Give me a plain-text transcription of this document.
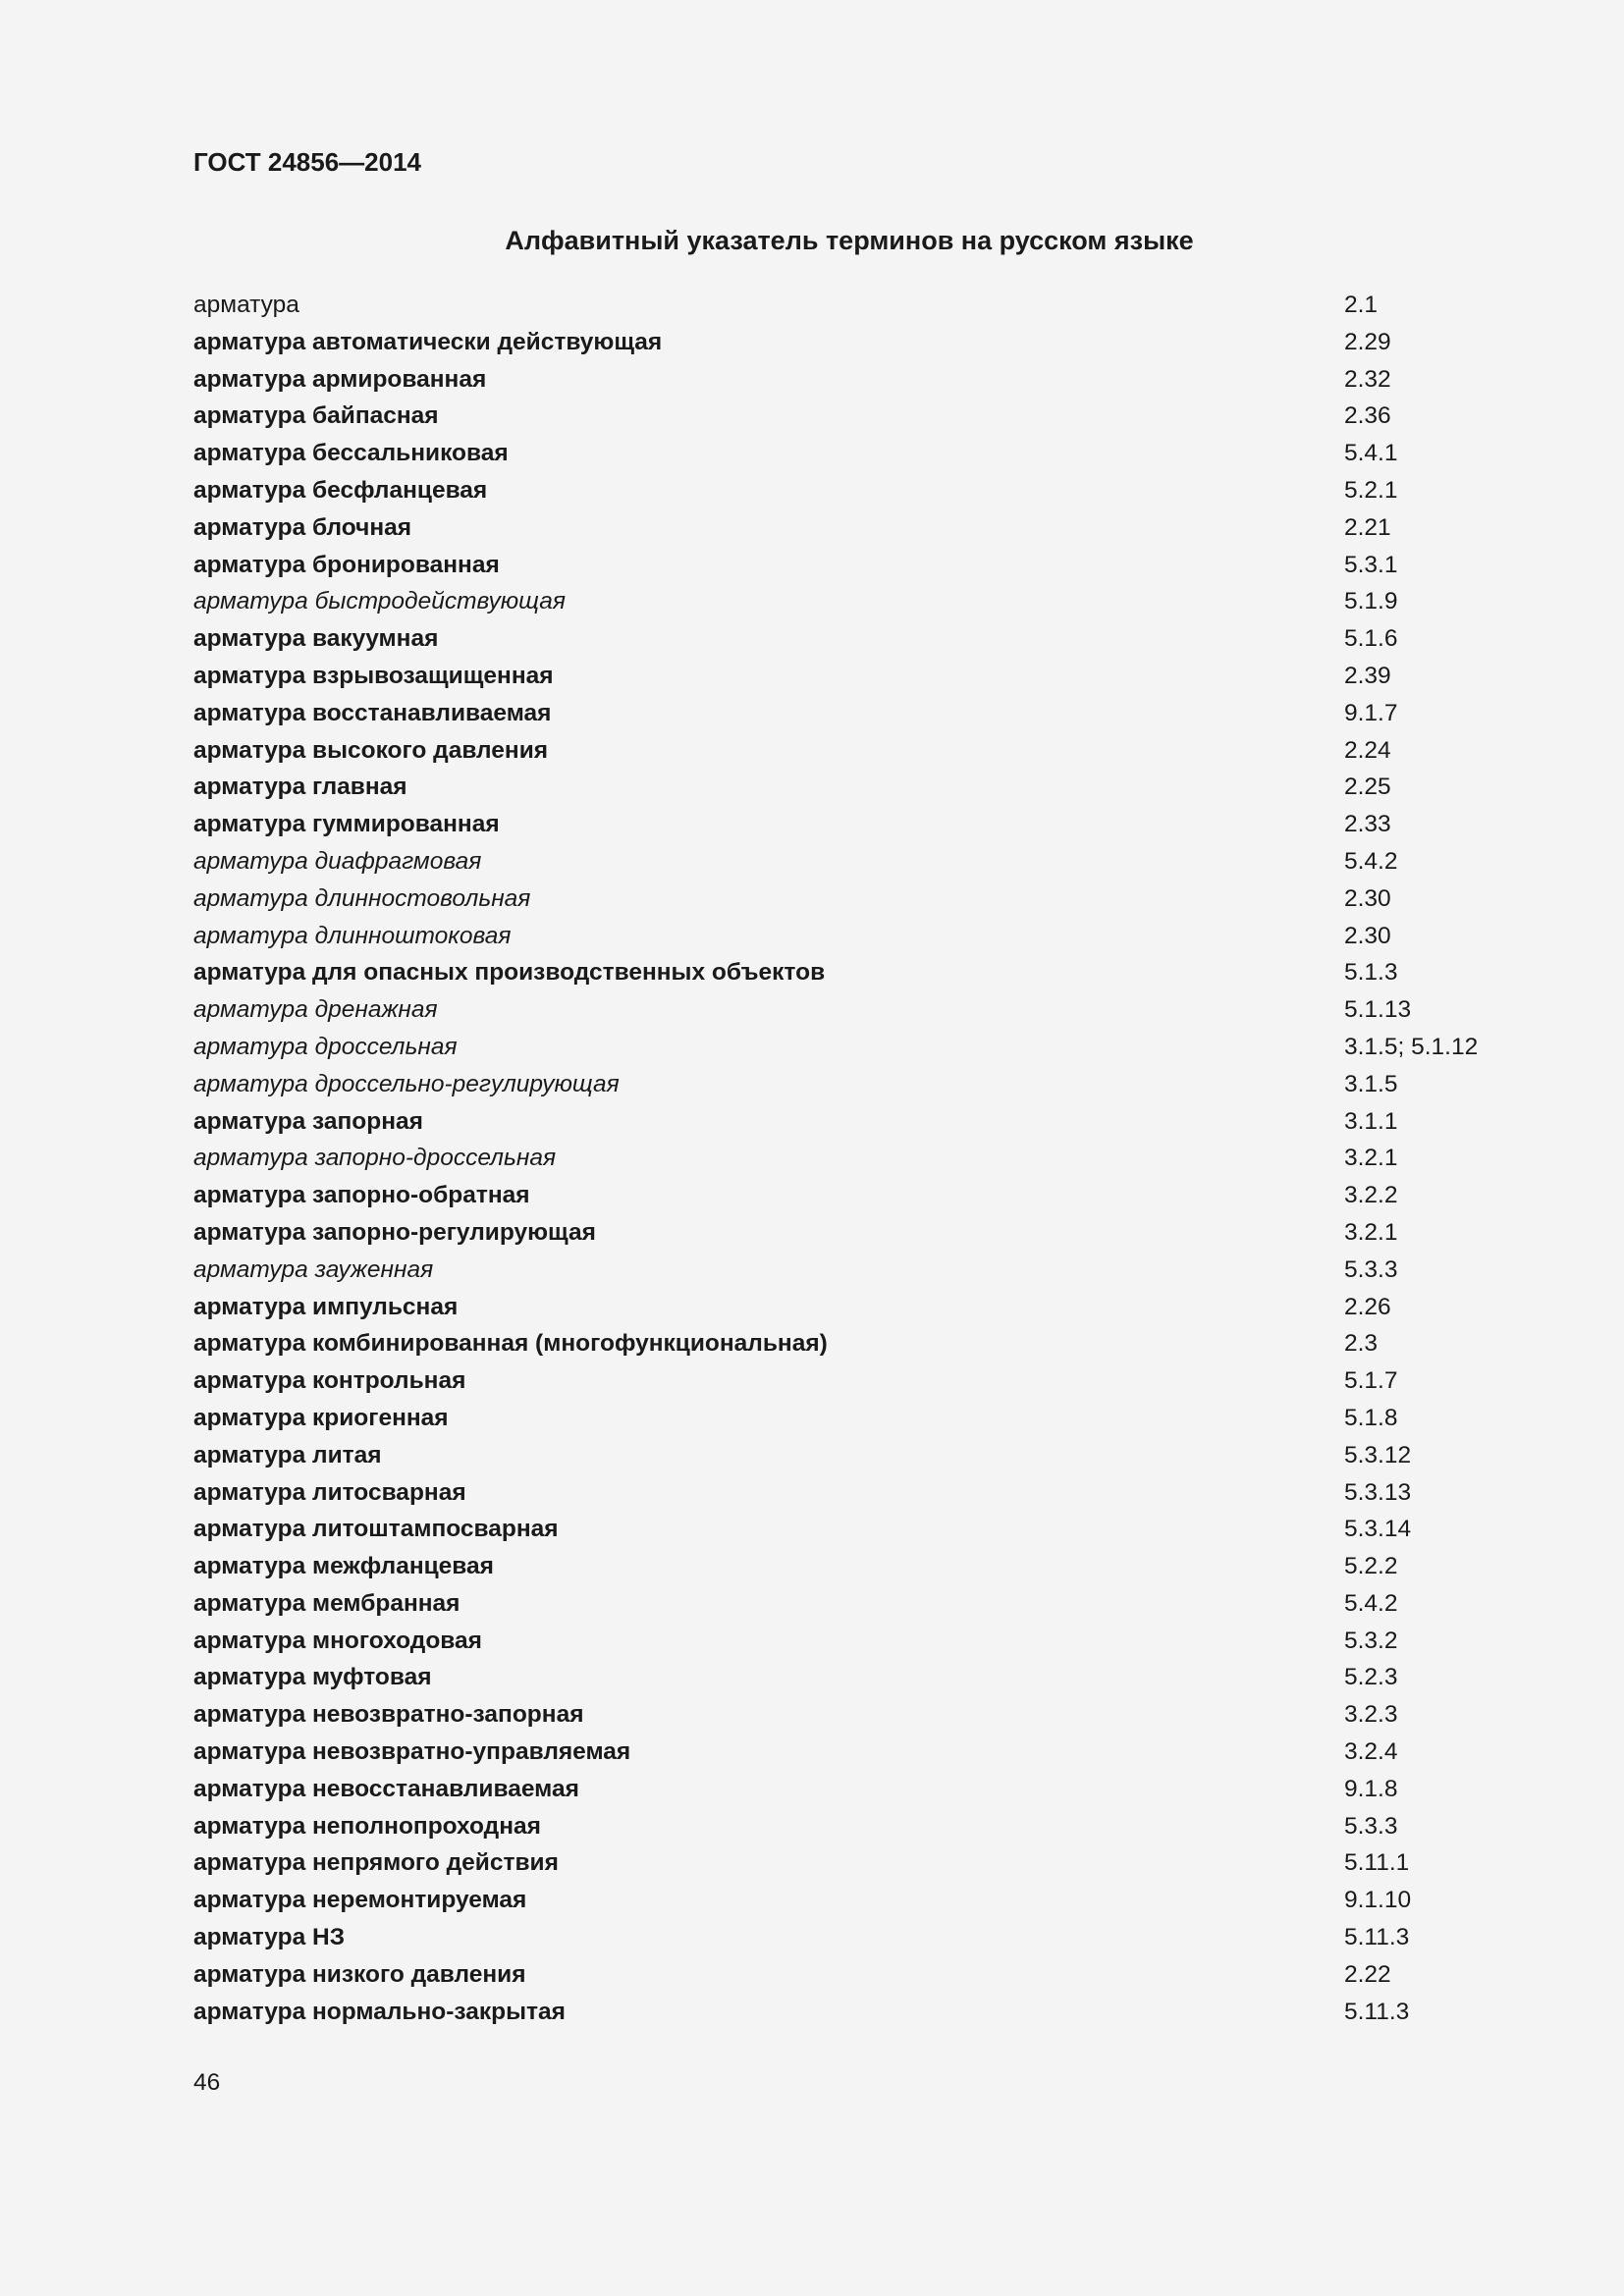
ГОСТ 24856—2014
Алфавитный указатель терминов на русском языке
арматура	2.1
арматура автоматически действующая	2.29
арматура армированная	2.32
арматура байпасная	2.36
арматура бессальниковая	5.4.1
арматура бесфланцевая	5.2.1
арматура блочная	2.21
арматура бронированная	5.3.1
арматура быстродействующая	5.1.9
арматура вакуумная	5.1.6
арматура взрывозащищенная	2.39
арматура восстанавливаемая	9.1.7
арматура высокого давления	2.24
арматура главная	2.25
арматура гуммированная	2.33
арматура диафрагмовая	5.4.2
арматура длинностовольная	2.30
арматура длинноштоковая	2.30
арматура для опасных производственных объектов	5.1.3
арматура дренажная	5.1.13
арматура дроссельная	3.1.5; 5.1.12
арматура дроссельно-регулирующая	3.1.5
арматура запорная	3.1.1
арматура запорно-дроссельная	3.2.1
арматура запорно-обратная	3.2.2
арматура запорно-регулирующая	3.2.1
арматура зауженная	5.3.3
арматура импульсная	2.26
арматура комбинированная (многофункциональная)	2.3
арматура контрольная	5.1.7
арматура криогенная	5.1.8
арматура литая	5.3.12
арматура литосварная	5.3.13
арматура литоштампосварная	5.3.14
арматура межфланцевая	5.2.2
арматура мембранная	5.4.2
арматура многоходовая	5.3.2
арматура муфтовая	5.2.3
арматура невозвратно-запорная	3.2.3
арматура невозвратно-управляемая	3.2.4
арматура невосстанавливаемая	9.1.8
арматура неполнопроходная	5.3.3
арматура непрямого действия	5.11.1
арматура неремонтируемая	9.1.10
арматура НЗ	5.11.3
арматура низкого давления	2.22
арматура нормально-закрытая	5.11.3
46
